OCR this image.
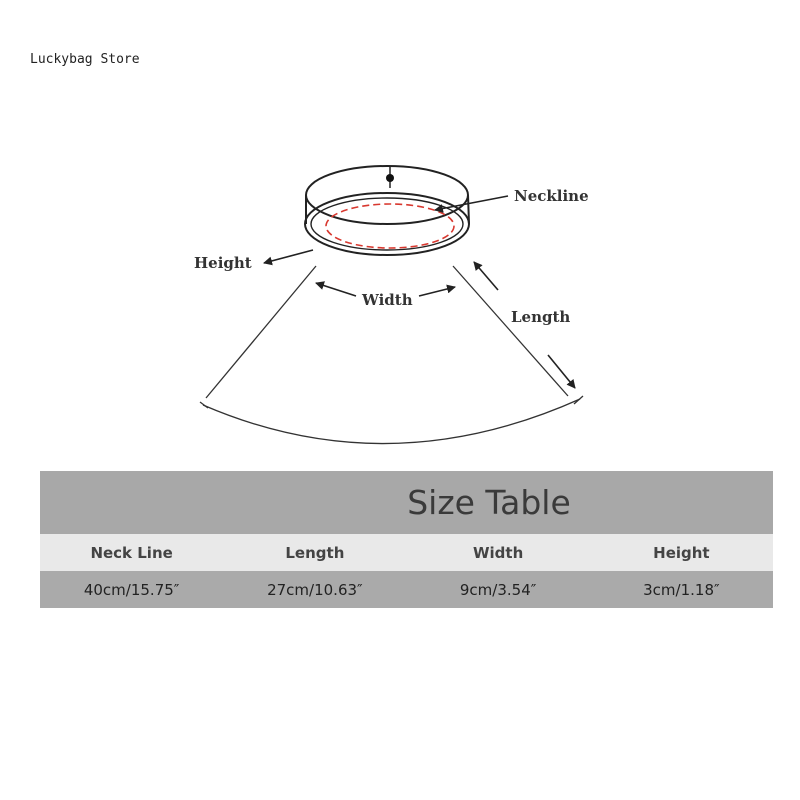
Luckybag Store
Neckline
Height
Width
Length
Size Table
Neck Line	Length	Width	Height
40cm/15.75″	27cm/10.63″	9cm/3.54″	3cm/1.18″
